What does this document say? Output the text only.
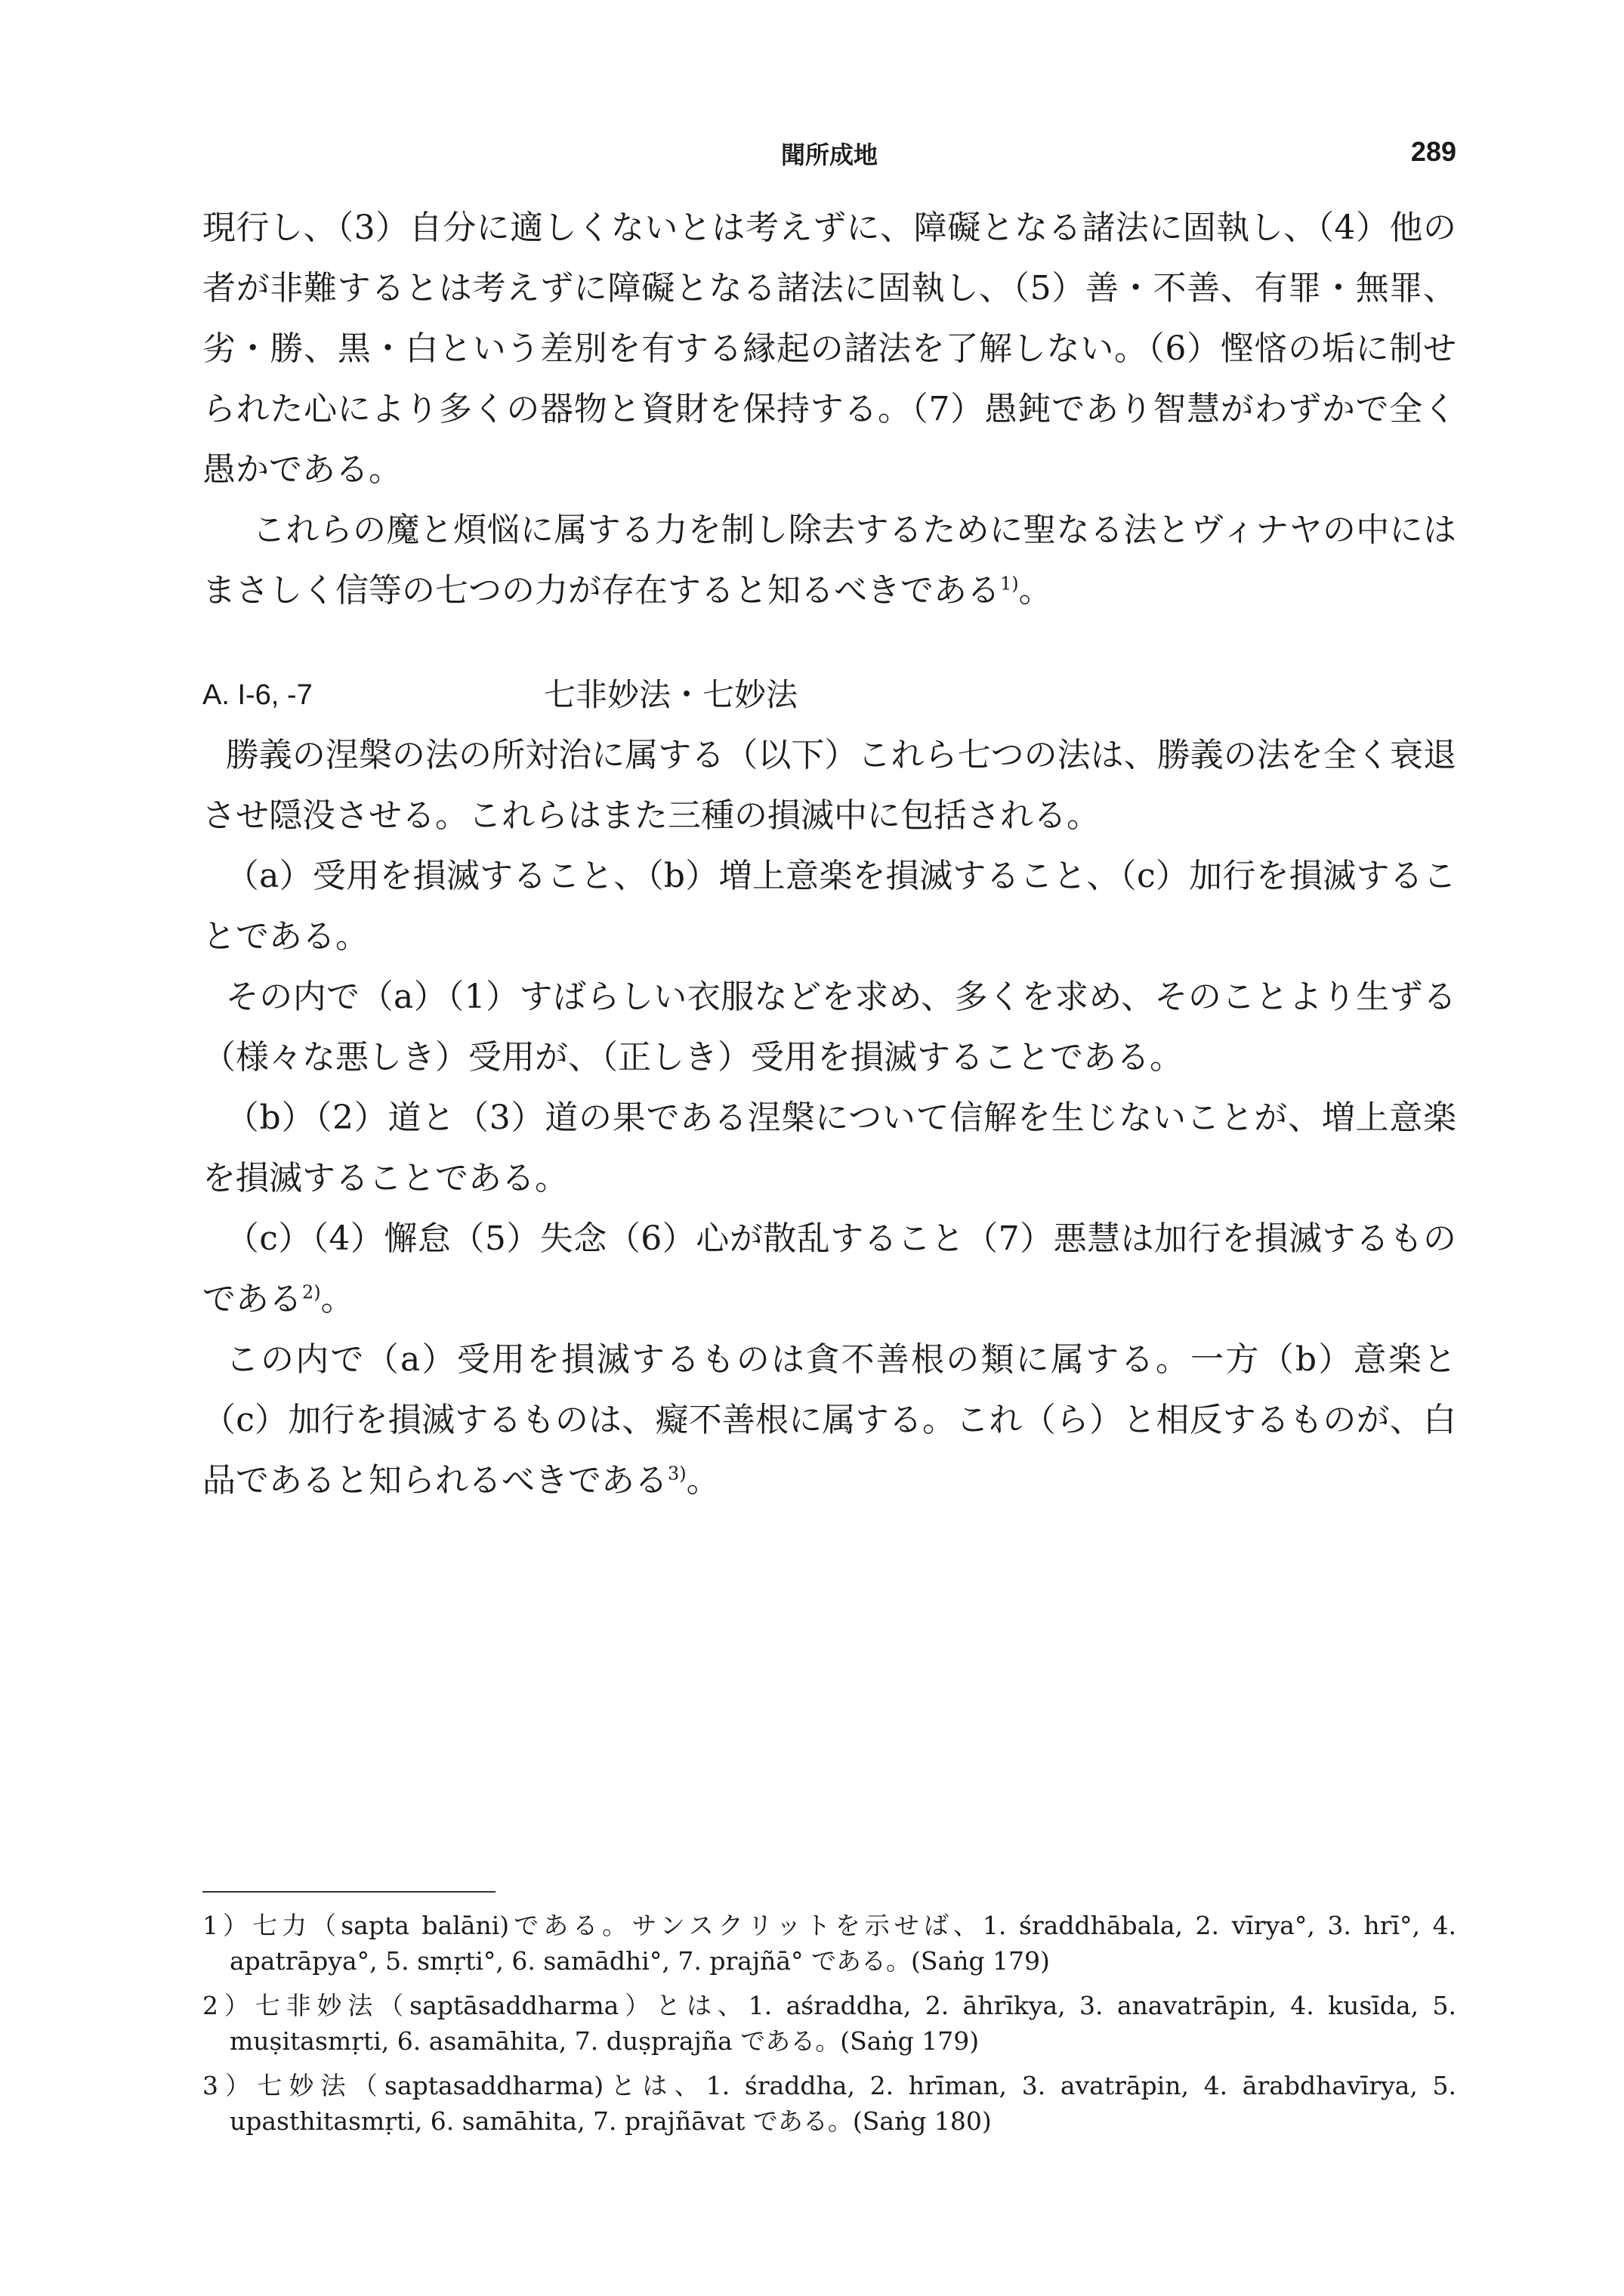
聞所成地	289

現行し、（3）自分に適しくないとは考えずに、障礙となる諸法に固執し、（4）他の者が非難するとは考えずに障礙となる諸法に固執し、（5）善・不善、有罪・無罪、劣・勝、黒・白という差別を有する縁起の諸法を了解しない。（6）慳悋の垢に制せられた心により多くの器物と資財を保持する。（7）愚鈍であり智慧がわずかで全く愚かである。

これらの魔と煩悩に属する力を制し除去するために聖なる法とヴィナヤの中にはまさしく信等の七つの力が存在すると知るべきである$^{1)}$。

A. I-6, -7	七非妙法・七妙法

勝義の涅槃の法の所対治に属する（以下）これら七つの法は、勝義の法を全く衰退させ隠没させる。これらはまた三種の損滅中に包括される。

（a）受用を損滅すること、（b）増上意楽を損滅すること、（c）加行を損滅することである。

その内で（a）（1）すばらしい衣服などを求め、多くを求め、そのことより生ずる（様々な悪しき）受用が、（正しき）受用を損滅することである。

（b）（2）道と（3）道の果である涅槃について信解を生じないことが、増上意楽を損滅することである。

（c）（4）懈怠（5）失念（6）心が散乱すること（7）悪慧は加行を損滅するものである$^{2)}$。

この内で（a）受用を損滅するものは貪不善根の類に属する。一方（b）意楽と（c）加行を損滅するものは、癡不善根に属する。これ（ら）と相反するものが、白品であると知られるべきである$^{3)}$。

1）七力（sapta balāni)である。サンスクリットを示せば、1. śraddhābala, 2. vīrya°, 3. hrī°, 4. apatrāpya°, 5. smṛti°, 6. samādhi°, 7. prajñā° である。(Saṅg 179)

2）七非妙法（saptāsaddharma）とは、1. aśraddha, 2. āhrīkya, 3. anavatrāpin, 4. kusīda, 5. muṣitasmṛti, 6. asamāhita, 7. duṣprajña である。(Saṅg 179)

3）七妙法（saptasaddharma)とは、1. śraddha, 2. hrīman, 3. avatrāpin, 4. ārabdhavīrya, 5. upasthitasmṛti, 6. samāhita, 7. prajñāvat である。(Saṅg 180)
